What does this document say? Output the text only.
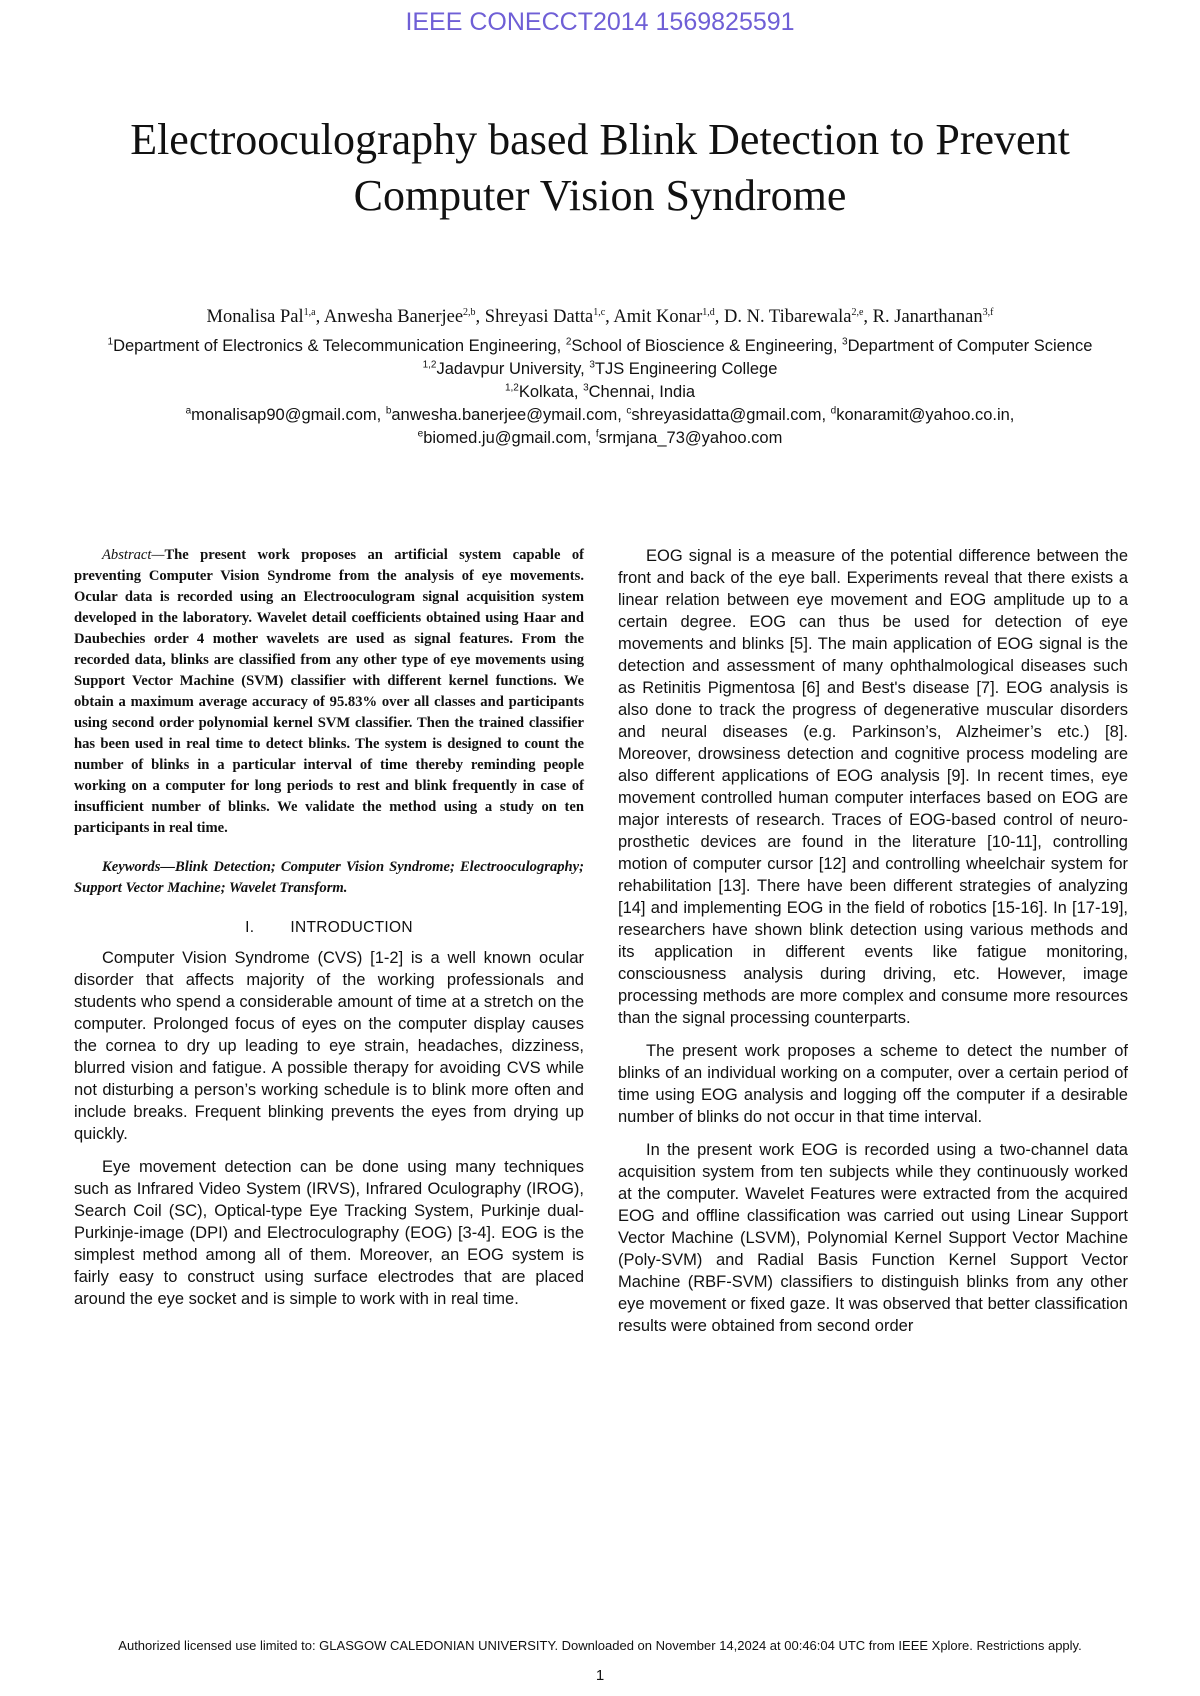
IEEE CONECCT2014 1569825591
Electrooculography based Blink Detection to Prevent
Computer Vision Syndrome
Monalisa Pal$^{1,a}$, Anwesha Banerjee$^{2,b}$, Shreyasi Datta$^{1,c}$, Amit Konar$^{1,d}$, D. N. Tibarewala$^{2,e}$, R. Janarthanan$^{3,f}$
$^1$Department of Electronics & Telecommunication Engineering, $^2$School of Bioscience & Engineering, $^3$Department of Computer Science
$^{1,2}$Jadavpur University, $^3$TJS Engineering College
$^{1,2}$Kolkata, $^3$Chennai, India
$^a$monalisap90@gmail.com, $^b$anwesha.banerjee@ymail.com, $^c$shreyasidatta@gmail.com, $^d$konaramit@yahoo.co.in,
$^e$biomed.ju@gmail.com, $^f$srmjana_73@yahoo.com

Abstract—The present work proposes an artificial system capable of preventing Computer Vision Syndrome from the analysis of eye movements. Ocular data is recorded using an Electrooculogram signal acquisition system developed in the laboratory. Wavelet detail coefficients obtained using Haar and Daubechies order 4 mother wavelets are used as signal features. From the recorded data, blinks are classified from any other type of eye movements using Support Vector Machine (SVM) classifier with different kernel functions. We obtain a maximum average accuracy of 95.83% over all classes and participants using second order polynomial kernel SVM classifier. Then the trained classifier has been used in real time to detect blinks. The system is designed to count the number of blinks in a particular interval of time thereby reminding people working on a computer for long periods to rest and blink frequently in case of insufficient number of blinks. We validate the method using a study on ten participants in real time.

Keywords—Blink Detection; Computer Vision Syndrome; Electrooculography; Support Vector Machine; Wavelet Transform.

I. INTRODUCTION

Computer Vision Syndrome (CVS) [1-2] is a well known ocular disorder that affects majority of the working professionals and students who spend a considerable amount of time at a stretch on the computer. Prolonged focus of eyes on the computer display causes the cornea to dry up leading to eye strain, headaches, dizziness, blurred vision and fatigue. A possible therapy for avoiding CVS while not disturbing a person’s working schedule is to blink more often and include breaks. Frequent blinking prevents the eyes from drying up quickly.

Eye movement detection can be done using many techniques such as Infrared Video System (IRVS), Infrared Oculography (IROG), Search Coil (SC), Optical-type Eye Tracking System, Purkinje dual-Purkinje-image (DPI) and Electroculography (EOG) [3-4]. EOG is the simplest method among all of them. Moreover, an EOG system is fairly easy to construct using surface electrodes that are placed around the eye socket and is simple to work with in real time.

EOG signal is a measure of the potential difference between the front and back of the eye ball. Experiments reveal that there exists a linear relation between eye movement and EOG amplitude up to a certain degree. EOG can thus be used for detection of eye movements and blinks [5]. The main application of EOG signal is the detection and assessment of many ophthalmological diseases such as Retinitis Pigmentosa [6] and Best's disease [7]. EOG analysis is also done to track the progress of degenerative muscular disorders and neural diseases (e.g. Parkinson’s, Alzheimer’s etc.) [8]. Moreover, drowsiness detection and cognitive process modeling are also different applications of EOG analysis [9]. In recent times, eye movement controlled human computer interfaces based on EOG are major interests of research. Traces of EOG-based control of neuro-prosthetic devices are found in the literature [10-11], controlling motion of computer cursor [12] and controlling wheelchair system for rehabilitation [13]. There have been different strategies of analyzing [14] and implementing EOG in the field of robotics [15-16]. In [17-19], researchers have shown blink detection using various methods and its application in different events like fatigue monitoring, consciousness analysis during driving, etc. However, image processing methods are more complex and consume more resources than the signal processing counterparts.

The present work proposes a scheme to detect the number of blinks of an individual working on a computer, over a certain period of time using EOG analysis and logging off the computer if a desirable number of blinks do not occur in that time interval.

In the present work EOG is recorded using a two-channel data acquisition system from ten subjects while they continuously worked at the computer. Wavelet Features were extracted from the acquired EOG and offline classification was carried out using Linear Support Vector Machine (LSVM), Polynomial Kernel Support Vector Machine (Poly-SVM) and Radial Basis Function Kernel Support Vector Machine (RBF-SVM) classifiers to distinguish blinks from any other eye movement or fixed gaze. It was observed that better classification results were obtained from second order

Authorized licensed use limited to: GLASGOW CALEDONIAN UNIVERSITY. Downloaded on November 14,2024 at 00:46:04 UTC from IEEE Xplore. Restrictions apply.
1
